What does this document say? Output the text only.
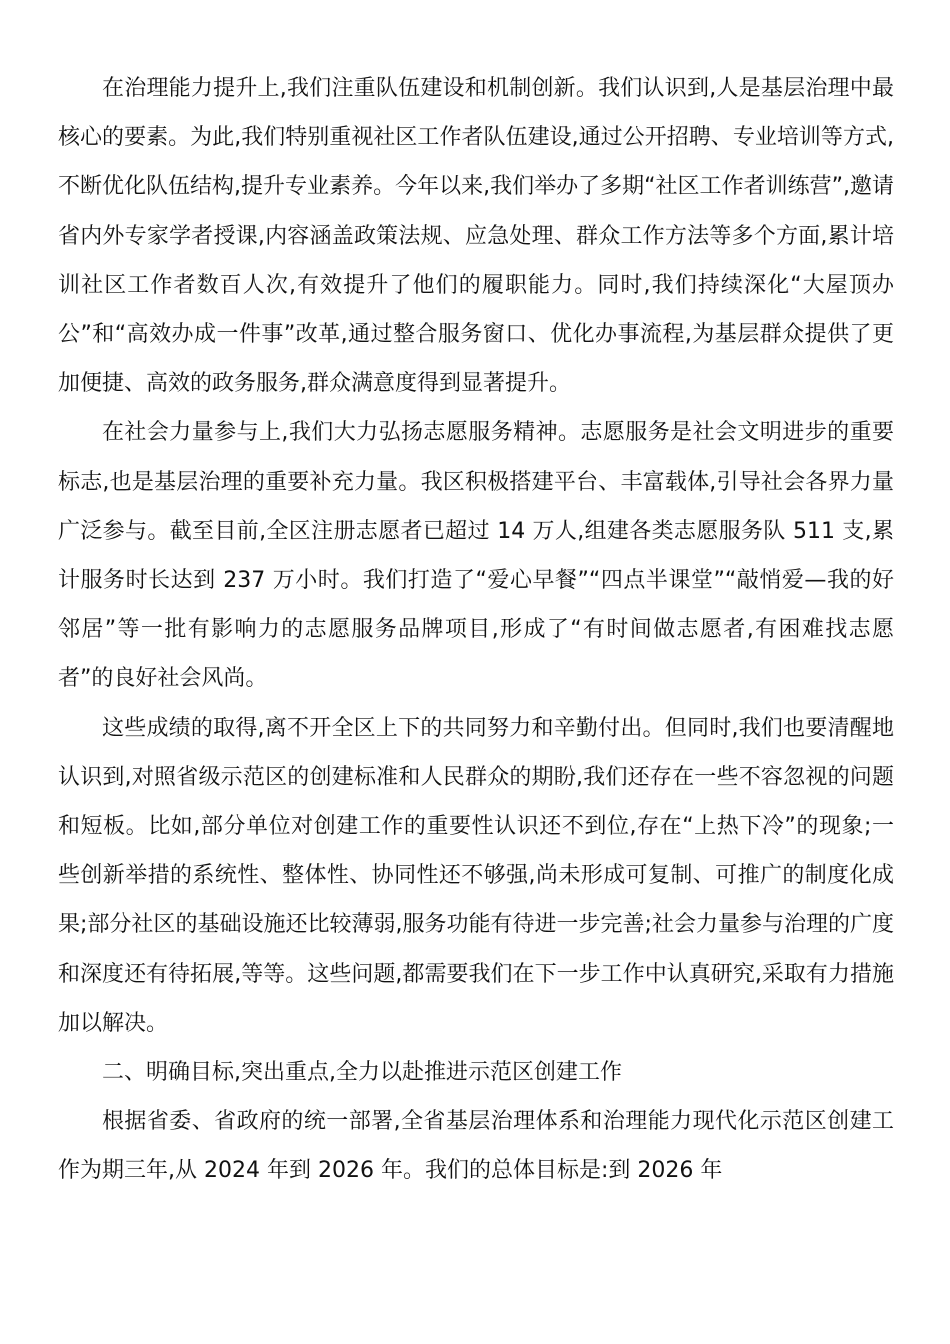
在治理能力提升上,我们注重队伍建设和机制创新。我们认识到,人是基层治理中最核心的要素。为此,我们特别重视社区工作者队伍建设,通过公开招聘、专业培训等方式,不断优化队伍结构,提升专业素养。今年以来,我们举办了多期“社区工作者训练营”,邀请省内外专家学者授课,内容涵盖政策法规、应急处理、群众工作方法等多个方面,累计培训社区工作者数百人次,有效提升了他们的履职能力。同时,我们持续深化“大屋顶办公”和“高效办成一件事”改革,通过整合服务窗口、优化办事流程,为基层群众提供了更加便捷、高效的政务服务,群众满意度得到显著提升。

在社会力量参与上,我们大力弘扬志愿服务精神。志愿服务是社会文明进步的重要标志,也是基层治理的重要补充力量。我区积极搭建平台、丰富载体,引导社会各界力量广泛参与。截至目前,全区注册志愿者已超过 14 万人,组建各类志愿服务队 511 支,累计服务时长达到 237 万小时。我们打造了“爱心早餐”“四点半课堂”“敲悄爱—我的好邻居”等一批有影响力的志愿服务品牌项目,形成了“有时间做志愿者,有困难找志愿者”的良好社会风尚。

这些成绩的取得,离不开全区上下的共同努力和辛勤付出。但同时,我们也要清醒地认识到,对照省级示范区的创建标准和人民群众的期盼,我们还存在一些不容忽视的问题和短板。比如,部分单位对创建工作的重要性认识还不到位,存在“上热下冷”的现象;一些创新举措的系统性、整体性、协同性还不够强,尚未形成可复制、可推广的制度化成果;部分社区的基础设施还比较薄弱,服务功能有待进一步完善;社会力量参与治理的广度和深度还有待拓展,等等。这些问题,都需要我们在下一步工作中认真研究,采取有力措施加以解决。

二、明确目标,突出重点,全力以赴推进示范区创建工作

根据省委、省政府的统一部署,全省基层治理体系和治理能力现代化示范区创建工作为期三年,从 2024 年到 2026 年。我们的总体目标是:到 2026 年
